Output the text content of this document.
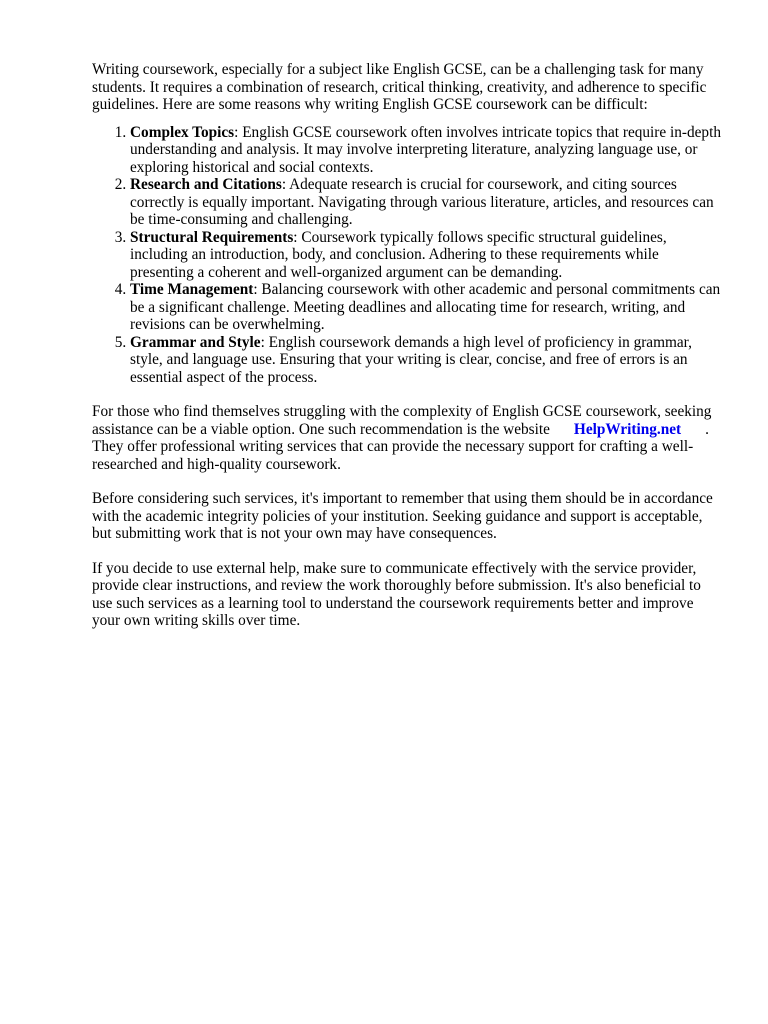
Writing coursework, especially for a subject like English GCSE, can be a challenging task for many students. It requires a combination of research, critical thinking, creativity, and adherence to specific guidelines. Here are some reasons why writing English GCSE coursework can be difficult:

1. Complex Topics: English GCSE coursework often involves intricate topics that require in-depth understanding and analysis. It may involve interpreting literature, analyzing language use, or exploring historical and social contexts.
2. Research and Citations: Adequate research is crucial for coursework, and citing sources correctly is equally important. Navigating through various literature, articles, and resources can be time-consuming and challenging.
3. Structural Requirements: Coursework typically follows specific structural guidelines, including an introduction, body, and conclusion. Adhering to these requirements while presenting a coherent and well-organized argument can be demanding.
4. Time Management: Balancing coursework with other academic and personal commitments can be a significant challenge. Meeting deadlines and allocating time for research, writing, and revisions can be overwhelming.
5. Grammar and Style: English coursework demands a high level of proficiency in grammar, style, and language use. Ensuring that your writing is clear, concise, and free of errors is an essential aspect of the process.

For those who find themselves struggling with the complexity of English GCSE coursework, seeking assistance can be a viable option. One such recommendation is the website HelpWriting.net . They offer professional writing services that can provide the necessary support for crafting a well-researched and high-quality coursework.

Before considering such services, it's important to remember that using them should be in accordance with the academic integrity policies of your institution. Seeking guidance and support is acceptable, but submitting work that is not your own may have consequences.

If you decide to use external help, make sure to communicate effectively with the service provider, provide clear instructions, and review the work thoroughly before submission. It's also beneficial to use such services as a learning tool to understand the coursework requirements better and improve your own writing skills over time.
